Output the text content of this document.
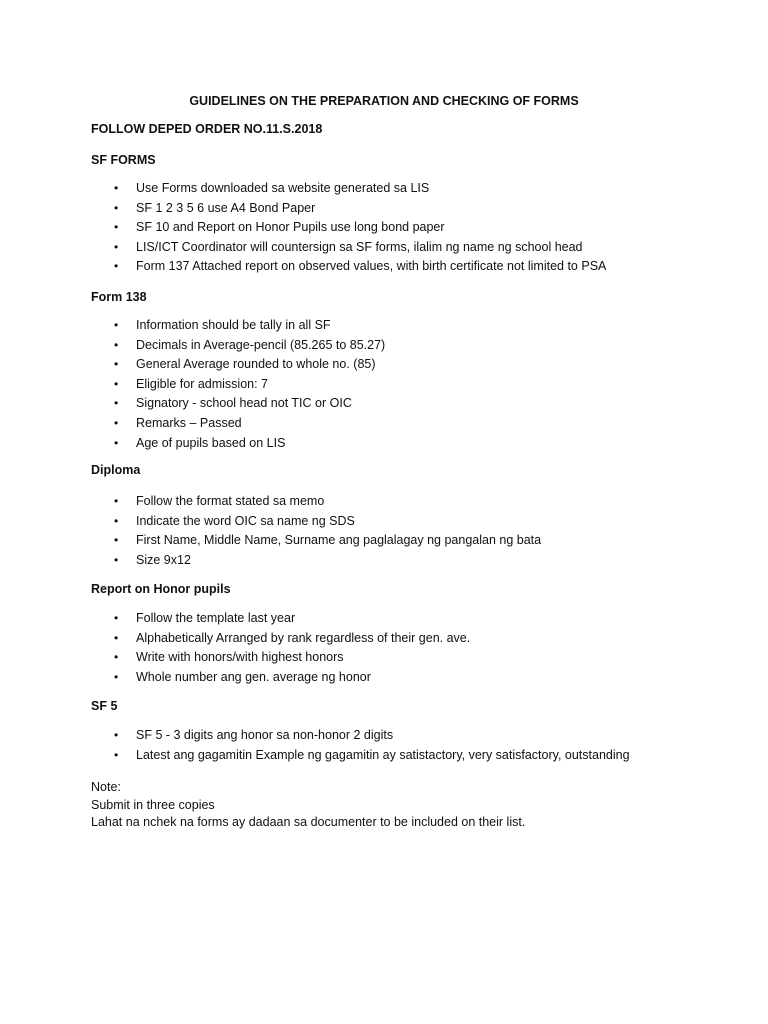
GUIDELINES ON THE PREPARATION AND CHECKING OF FORMS
FOLLOW DEPED ORDER NO.11.S.2018
SF FORMS
• Use Forms downloaded sa website generated sa LIS
• SF 1 2 3 5 6 use A4 Bond Paper
• SF 10 and Report on Honor Pupils use long bond paper
• LIS/ICT Coordinator will countersign sa SF forms, ilalim ng name ng school head
• Form 137 Attached report on observed values, with birth certificate not limited to PSA
Form 138
• Information should be tally in all SF
• Decimals in Average-pencil (85.265 to 85.27)
• General Average rounded to whole no. (85)
• Eligible for admission: 7
• Signatory - school head not TIC or OIC
• Remarks – Passed
• Age of pupils based on LIS
Diploma
• Follow the format stated sa memo
• Indicate the word OIC sa name ng SDS
• First Name, Middle Name, Surname ang paglalagay ng pangalan ng bata
• Size 9x12
Report on Honor pupils
• Follow the template last year
• Alphabetically Arranged by rank regardless of their gen. ave.
• Write with honors/with highest honors
• Whole number ang gen. average ng honor
SF 5
• SF 5 - 3 digits ang honor sa non-honor 2 digits
• Latest ang gagamitin Example ng gagamitin ay satistactory, very satisfactory, outstanding
Note:
Submit in three copies
Lahat na nchek na forms ay dadaan sa documenter to be included on their list.
